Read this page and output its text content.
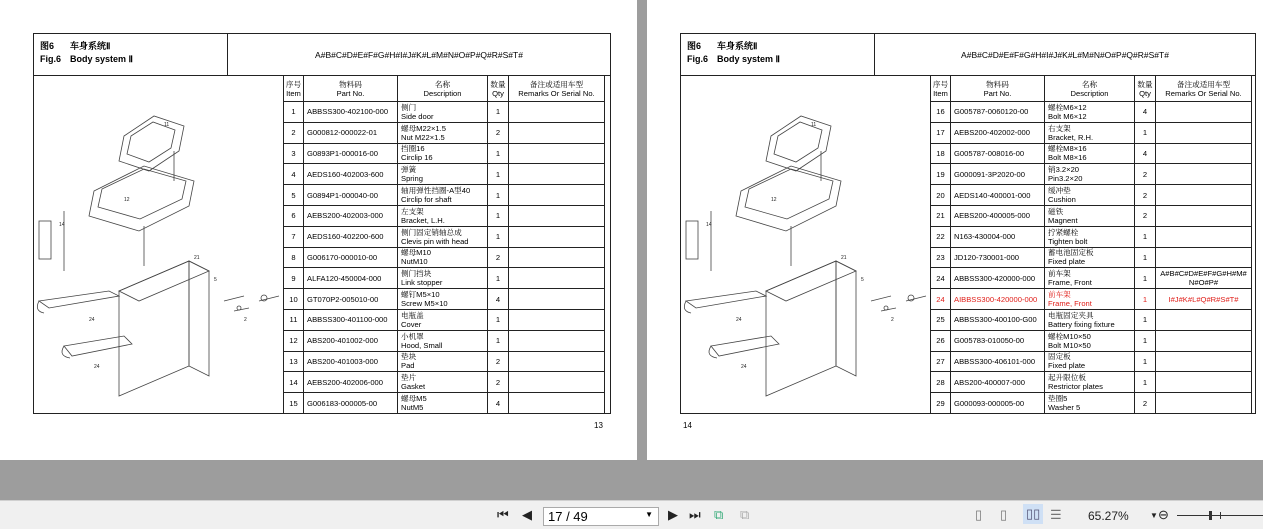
图6 车身系统Ⅱ
Fig.6 Body system Ⅱ	A#B#C#D#E#F#G#H#I#J#K#L#M#N#O#P#Q#R#S#T#
14
5
21
2
24
12
11
24
序号
Item	物料码
Part No.	名称
Description	数量
Qty	备注或适用车型
Remarks Or Serial No.
1	ABBSS300-402100-000	侧门
Side door	1	
2	G000812-000022-01	螺母M22×1.5
Nut M22×1.5	2	
3	G0893P1-000016-00	挡圈16
Circlip 16	1	
4	AEDS160-402003-600	弹簧
Spring	1	
5	G0894P1-000040-00	轴用弹性挡圈-A型40
Circlip for shaft	1	
6	AEBS200-402003-000	左支架
Bracket, L.H.	1	
7	AEDS160-402200-600	侧门固定销轴总成
Clevis pin with head	1	
8	G006170-000010-00	螺母M10
NutM10	2	
9	ALFA120-450004-000	侧门挡块
Link stopper	1	
10	GT070P2-005010-00	螺钉M5×10
Screw M5×10	4	
11	ABBSS300-401100-000	电瓶盖
Cover	1	
12	ABS200-401002-000	小机罩
Hood, Small	1	
13	ABS200-401003-000	垫块
Pad	2	
14	AEBS200-402006-000	垫片
Gasket	2	
15	G006183-000005-00	螺母M5
NutM5	4	
13
图6 车身系统Ⅱ
Fig.6 Body system Ⅱ	A#B#C#D#E#F#G#H#I#J#K#L#M#N#O#P#Q#R#S#T#
14
5
21
2
24
12
11
24
序号
Item	物料码
Part No.	名称
Description	数量
Qty	备注或适用车型
Remarks Or Serial No.
16	G005787-0060120-00	螺栓M6×12
Bolt M6×12	4	
17	AEBS200-402002-000	右支架
Bracket, R.H.	1	
18	G005787-008016-00	螺栓M8×16
Bolt M8×16	4	
19	G000091-3P2020-00	销3.2×20
Pin3.2×20	2	
20	AEDS140-400001-000	缓冲垫
Cushion	2	
21	AEBS200-400005-000	磁铁
Magnent	2	
22	N163-430004-000	拧紧螺栓
Tighten bolt	1	
23	JD120-730001-000	蓄电池固定板
Fixed plate	1	
24	ABBSS300-420000-000	前车架
Frame, Front	1	A#B#C#D#E#F#G#H#M# N#O#P#
24	AIBBSS300-420000-000	前车架
Frame, Front	1	I#J#K#L#Q#R#S#T#
25	ABBSS300-400100-G00	电瓶固定夹具
Battery fixing fixture	1	
26	G005783-010050-00	螺栓M10×50
Bolt M10×50	1	
27	ABBSS300-406101-000	固定板
Fixed plate	1	
28	ABS200-400007-000	起升限位板
Restrictor plates	1	
29	G000093-000005-00	垫圈5
Washer 5	2	
14
⏮ ◀	17 / 49	▼ ▶ ⏭ ⧉ ⧉	▯ ▯ ▯▯ ☰ 65.27%	▼ ⊖
